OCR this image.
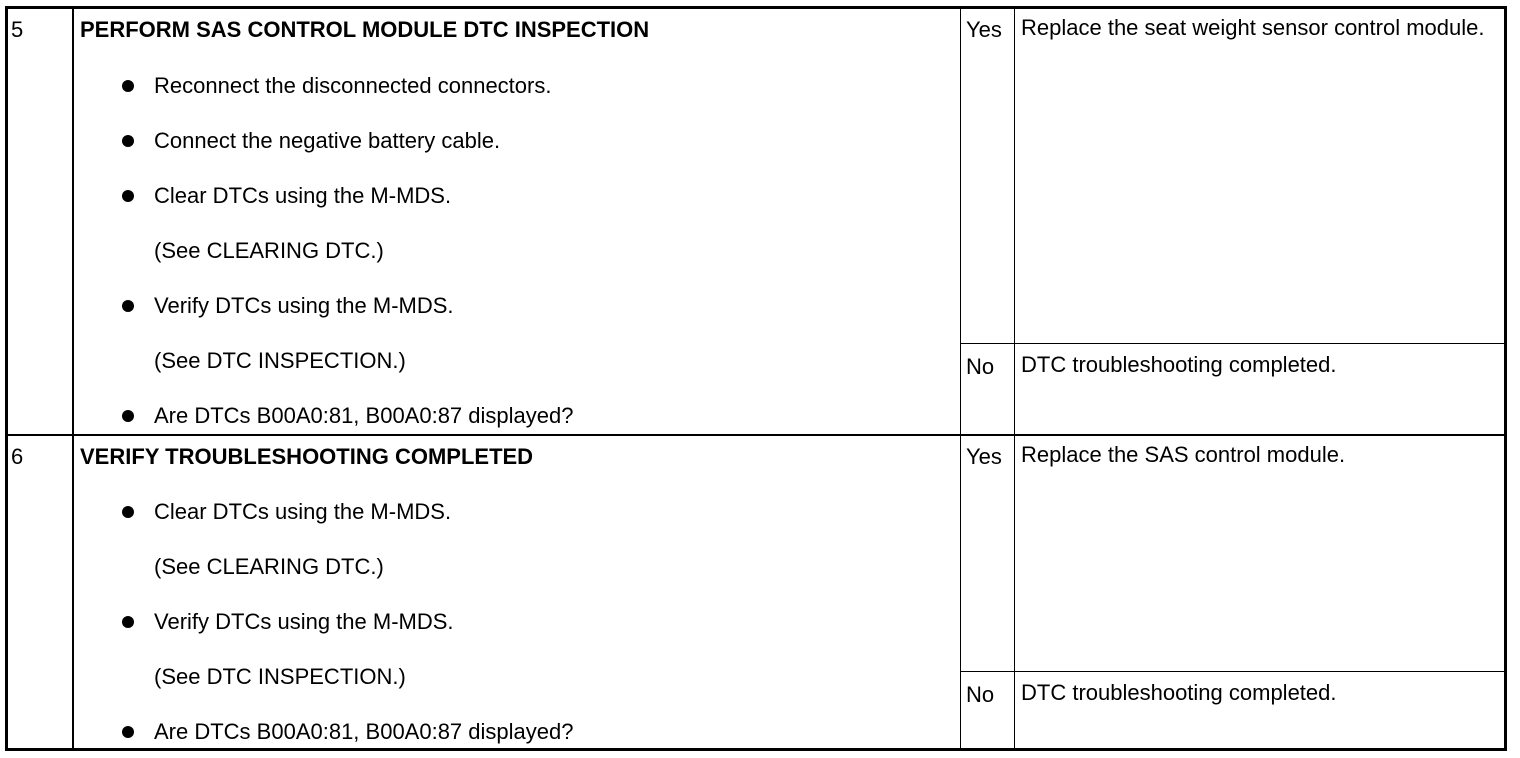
5	PERFORM SAS CONTROL MODULE DTC INSPECTION
Reconnect the disconnected connectors.
Connect the negative battery cable.
Clear DTCs using the M-MDS.
(See CLEARING DTC.)
Verify DTCs using the M-MDS.
(See DTC INSPECTION.)
Are DTCs B00A0:81, B00A0:87 displayed?
Yes
No
Replace the seat weight sensor control module.
DTC troubleshooting completed.
6	VERIFY TROUBLESHOOTING COMPLETED
Clear DTCs using the M-MDS.
(See CLEARING DTC.)
Verify DTCs using the M-MDS.
(See DTC INSPECTION.)
Are DTCs B00A0:81, B00A0:87 displayed?
Yes
No
Replace the SAS control module.
DTC troubleshooting completed.
